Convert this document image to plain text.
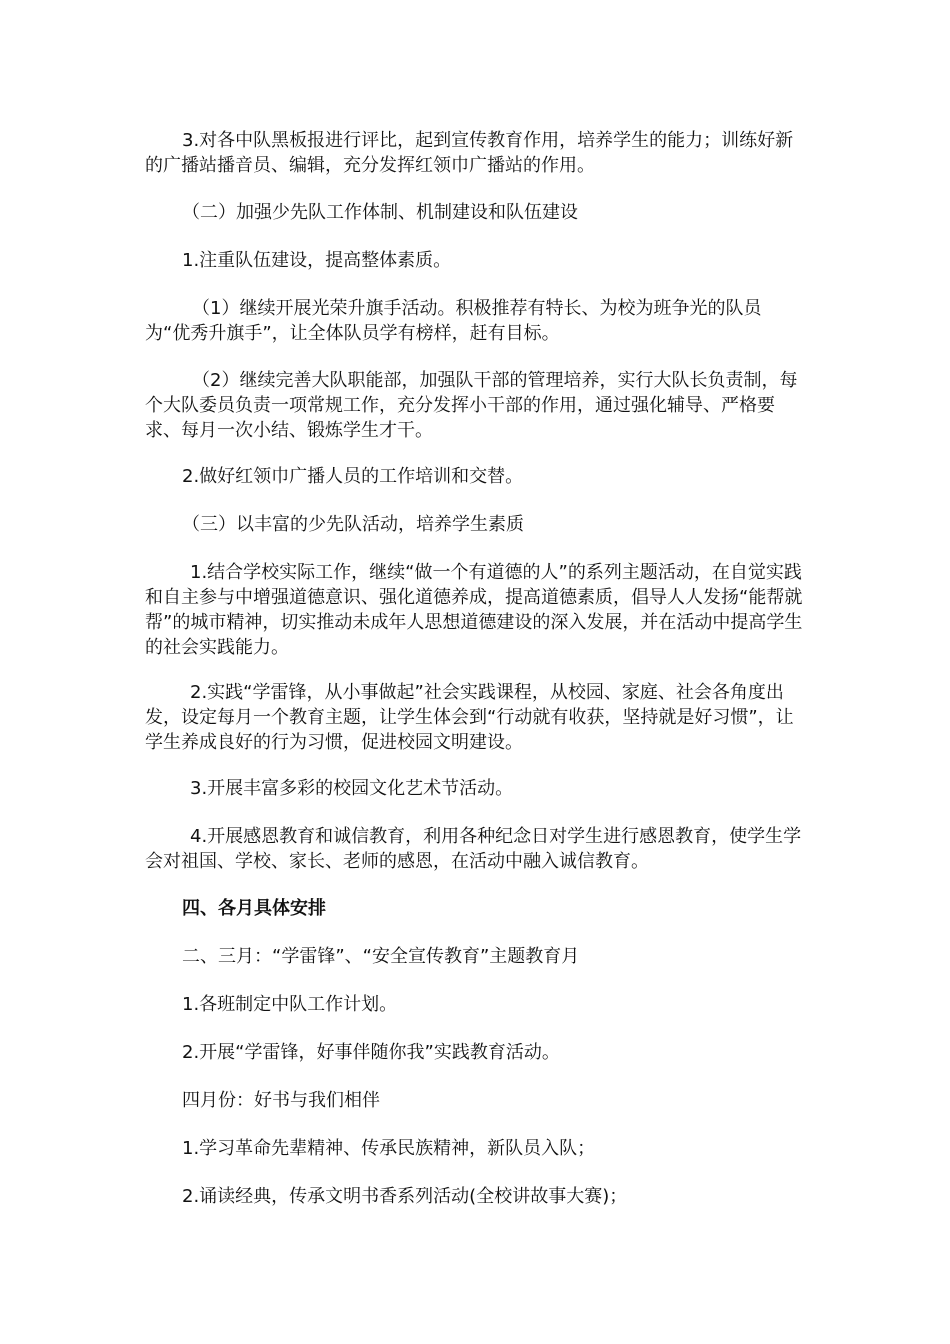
3.对各中队黑板报进行评比，起到宣传教育作用，培养学生的能力；训练好新的广播站播音员、编辑，充分发挥红领巾广播站的作用。

（二）加强少先队工作体制、机制建设和队伍建设

1.注重队伍建设，提高整体素质。

（1）继续开展光荣升旗手活动。积极推荐有特长、为校为班争光的队员为“优秀升旗手”，让全体队员学有榜样，赶有目标。

（2）继续完善大队职能部，加强队干部的管理培养，实行大队长负责制，每个大队委员负责一项常规工作，充分发挥小干部的作用，通过强化辅导、严格要求、每月一次小结、锻炼学生才干。

2.做好红领巾广播人员的工作培训和交替。

（三）以丰富的少先队活动，培养学生素质

1.结合学校实际工作，继续“做一个有道德的人”的系列主题活动，在自觉实践和自主参与中增强道德意识、强化道德养成，提高道德素质，倡导人人发扬“能帮就帮”的城市精神，切实推动未成年人思想道德建设的深入发展，并在活动中提高学生的社会实践能力。

2.实践“学雷锋，从小事做起”社会实践课程，从校园、家庭、社会各角度出发，设定每月一个教育主题，让学生体会到“行动就有收获，坚持就是好习惯”，让学生养成良好的行为习惯，促进校园文明建设。

3.开展丰富多彩的校园文化艺术节活动。

4.开展感恩教育和诚信教育，利用各种纪念日对学生进行感恩教育，使学生学会对祖国、学校、家长、老师的感恩，在活动中融入诚信教育。

四、各月具体安排

二、三月：“学雷锋”、“安全宣传教育”主题教育月

1.各班制定中队工作计划。

2.开展“学雷锋，好事伴随你我”实践教育活动。

四月份：好书与我们相伴

1.学习革命先辈精神、传承民族精神，新队员入队；

2.诵读经典，传承文明书香系列活动(全校讲故事大赛)；
